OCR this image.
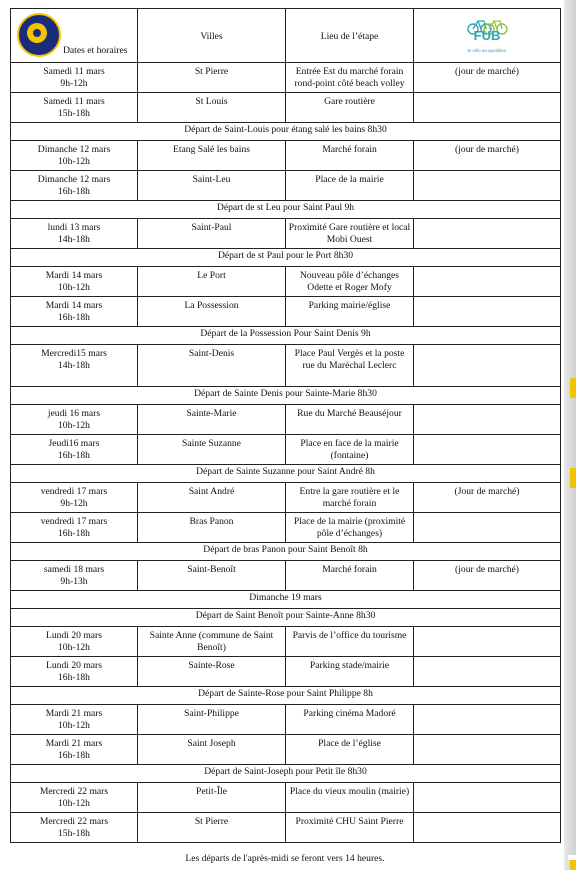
Dates et horaires	Villes	Lieu de l’étape	FUB
le vélo au quotidien

Samedi 11 mars
9h-12h	St Pierre	Entrée Est du marché forain rond-point côté beach volley	(jour de marché)

Samedi 11 mars
15h-18h	St Louis	Gare routière	
Départ de Saint-Louis pour étang salé les bains 8h30			

Dimanche 12 mars
10h-12h	Etang Salé les bains	Marché forain	(jour de marché)

Dimanche 12 mars
16h-18h	Saint-Leu	Place de la mairie	
Départ de st Leu pour Saint Paul 9h			

lundi 13 mars
14h-18h	Saint-Paul	Proximité Gare routière et local Mobi Ouest	
Départ de st Paul pour le Port 8h30			

Mardi 14 mars
10h-12h	Le Port	Nouveau pôle d’échanges Odette et Roger Mofy	

Mardi 14 mars
16h-18h	La Possession	Parking mairie/église	
Départ de la Possession Pour Saint Denis 9h			

Mercredi15 mars
14h-18h	Saint-Denis	Place Paul Vergès et la poste rue du Maréchal Leclerc	
Départ de Sainte Denis pour Sainte-Marie 8h30			

jeudi 16 mars
10h-12h	Sainte-Marie	Rue du Marché Beauséjour	

Jeudi16 mars
16h-18h	Sainte Suzanne	Place en face de la mairie (fontaine)	
Départ de Sainte Suzanne pour Saint André 8h			

vendredi 17 mars
9h-12h	Saint André	Entre la gare routière et le marché forain	(Jour de marché)

vendredi 17 mars
16h-18h	Bras Panon	Place de la mairie (proximité pôle d’échanges)	
Départ de bras Panon pour Saint Benoît 8h			

samedi 18 mars
9h-13h	Saint-Benoît	Marché forain	(jour de marché)
Dimanche 19 mars			
Départ de Saint Benoît pour Sainte-Anne 8h30			

Lundi 20 mars
10h-12h	Sainte Anne (commune de Saint Benoît)	Parvis de l’office du tourisme	

Lundi 20 mars
16h-18h	Sainte-Rose	Parking stade/mairie	
Départ de Sainte-Rose pour Saint Philippe 8h			

Mardi 21 mars
10h-12h	Saint-Philippe	Parking cinéma Madoré	

Mardi 21 mars
16h-18h	Saint Joseph	Place de l’église	
Départ de Saint-Joseph pour Petit île 8h30			

Mercredi 22 mars
10h-12h	Petit-Île	Place du vieux moulin (mairie)	

Mercredi 22 mars
15h-18h	St Pierre	Proximité CHU Saint Pierre	
Les départs de l'après-midi se feront vers 14 heures.
